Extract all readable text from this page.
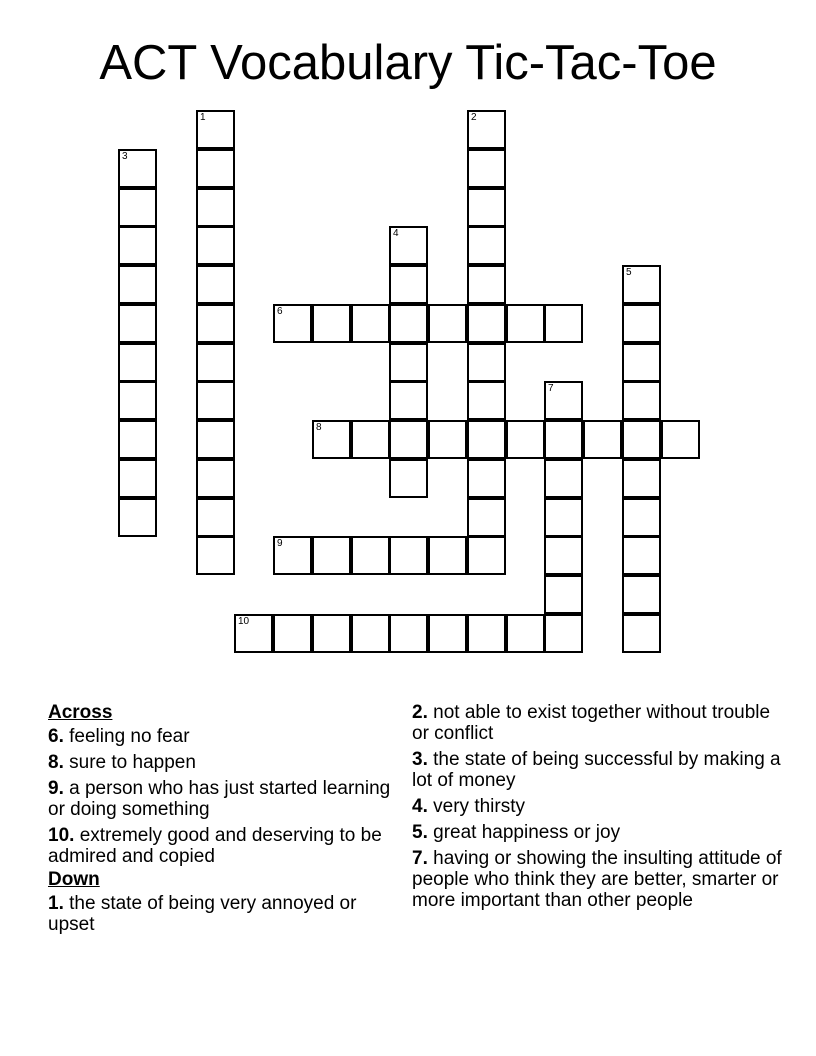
ACT Vocabulary Tic-Tac-Toe
1	2
3
4
5
6
7
8
9
10
Across
6. feeling no fear
8. sure to happen
9. a person who has just started learning or doing something
10. extremely good and deserving to be admired and copied
Down
1. the state of being very annoyed or upset
2. not able to exist together without trouble or conflict
3. the state of being successful by making a lot of money
4. very thirsty
5. great happiness or joy
7. having or showing the insulting attitude of people who think they are better, smarter or more important than other people
